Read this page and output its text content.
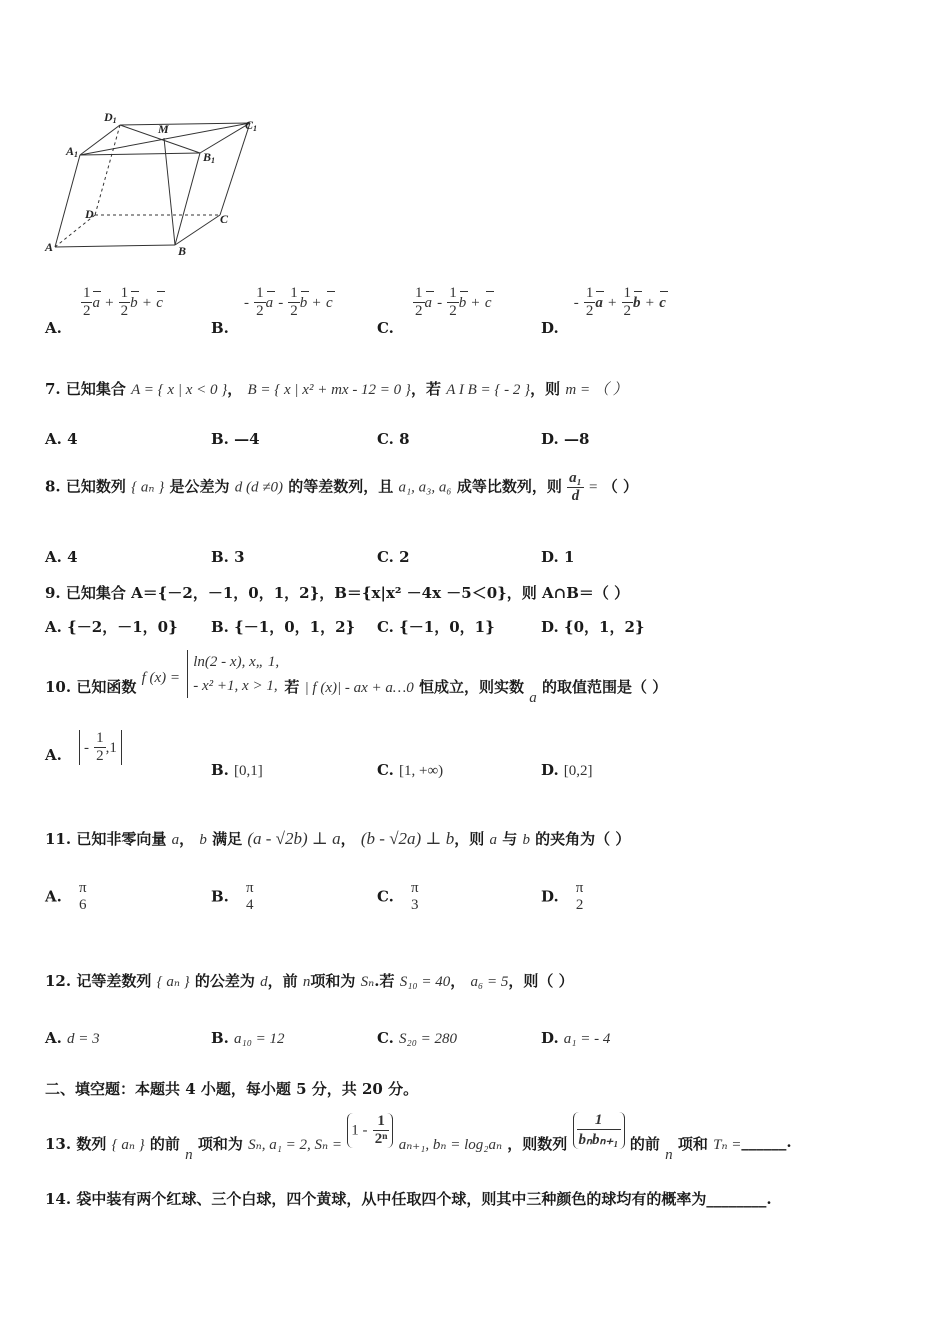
D1
M	C1
A1	B1
D	C
A	B
A.
$\frac{1}{2}$ $a + \frac{1}{2}$ b + c
B. - $\frac{1}{2}$ a - $\frac{1}{2}$ b + c
C.
$\frac{1}{2}$ a - $\frac{1}{2}$ b + c
D. - $\frac{1}{2}$ $a + \frac{1}{2}$ b + c
7. 已知集合 A = { x | x < 0 }， B = { x | x² + mx - 12 = 0 }，若 A I B = { - 2 }，则 m = （ ）
A. 4	B. —4	C. 8	D. —8
8. 已知数列 { aₙ } 是公差为 d (d ≠0) 的等差数列，且 a₁, a₃, a₆ 成等比数列，则 $\frac{\text{a₁}}{d}$ = （ ）
A. 4	B. 3	C. 2	D. 1
9. 已知集合 A＝{－2，－1，0，1，2}，B＝{x|x² －4x －5＜0}，则 A∩B＝（ ）
A. {－2，－1，0} B. {－1，0，1，2} C. {－1，0，1}	D. {0，1，2}
10. 已知函数 f (x) =
ln(2 - x), x„ 1,
- x² +1, x > 1, 若 | f (x)| - ax + a…0 恒成立，则实数 a 的取值范围是（ ）
A. - $\frac{1}{2} ,1$
B. [0,1]	C. [1, +∞)	D. [0,2]
11. 已知非零向量 a， b 满足 (a - √2b) ⊥ a， (b - √2a) ⊥ b，则 a 与 b 的夹角为（ ）
A. π
6	B. π
4	C. π
3	D. π
2
12. 记等差数列 { aₙ } 的公差为 d，前 n项和为 Sₙ.若 S₁₀ = 40， a₆ = 5，则（ ）
A. d = 3	B. a₁₀ = 12	C. S₂₀ = 280	D. a₁ = - 4
二、填空题：本题共 4 小题，每小题 5 分，共 20 分。
13. 数列 { aₙ } 的前 n 项和为 Sₙ, a₁ = 2, $S_n = 1 - \frac{1}{\text{2ⁿ}} a_{n+1}$, bₙ = log₂aₙ ，则数列 $\frac{1}{\text{bₙbₙ₊₁}}$ 的前 n 项和 Tₙ =______.
14. 袋中装有两个红球、三个白球，四个黄球，从中任取四个球，则其中三种颜色的球均有的概率为________.
